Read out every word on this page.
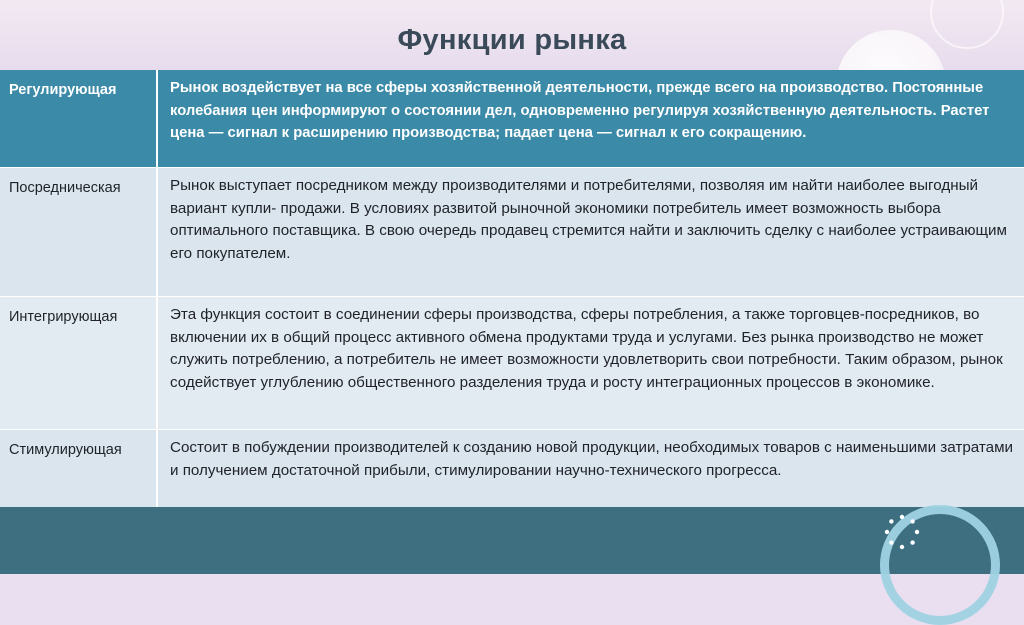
Функции рынка
Регулирующая	Рынок воздействует на все сферы хозяйственной деятельности, прежде всего на производство. Постоянные колебания цен информируют о состоянии дел, одновременно регулируя хозяйственную деятельность. Растет цена — сигнал к расширению производства; падает цена — сигнал к его сокращению.
Посредническая	Рынок выступает посредником между производителями и потребителями, позволяя им найти наиболее выгодный вариант купли- продажи. В условиях развитой рыночной экономики потребитель имеет возможность выбора оптимального поставщика. В свою очередь продавец стремится найти и заключить сделку с наиболее устраивающим его покупателем.
Интегрирующая	Эта функция состоит в соединении сферы производства, сферы потребления, а также торговцев-посредников, во включении их в общий процесс активного обмена продуктами труда и услугами. Без рынка производство не может служить потреблению, а потребитель не имеет возможности удовлетворить свои потребности. Таким образом, рынок содействует углублению общественного разделения труда и росту интеграционных процессов в экономике.
Стимулирующая	Состоит в побуждении производителей к созданию новой продукции, необходимых товаров с наименьшими затратами и получением достаточной прибыли, стимулировании научно-технического прогресса.
